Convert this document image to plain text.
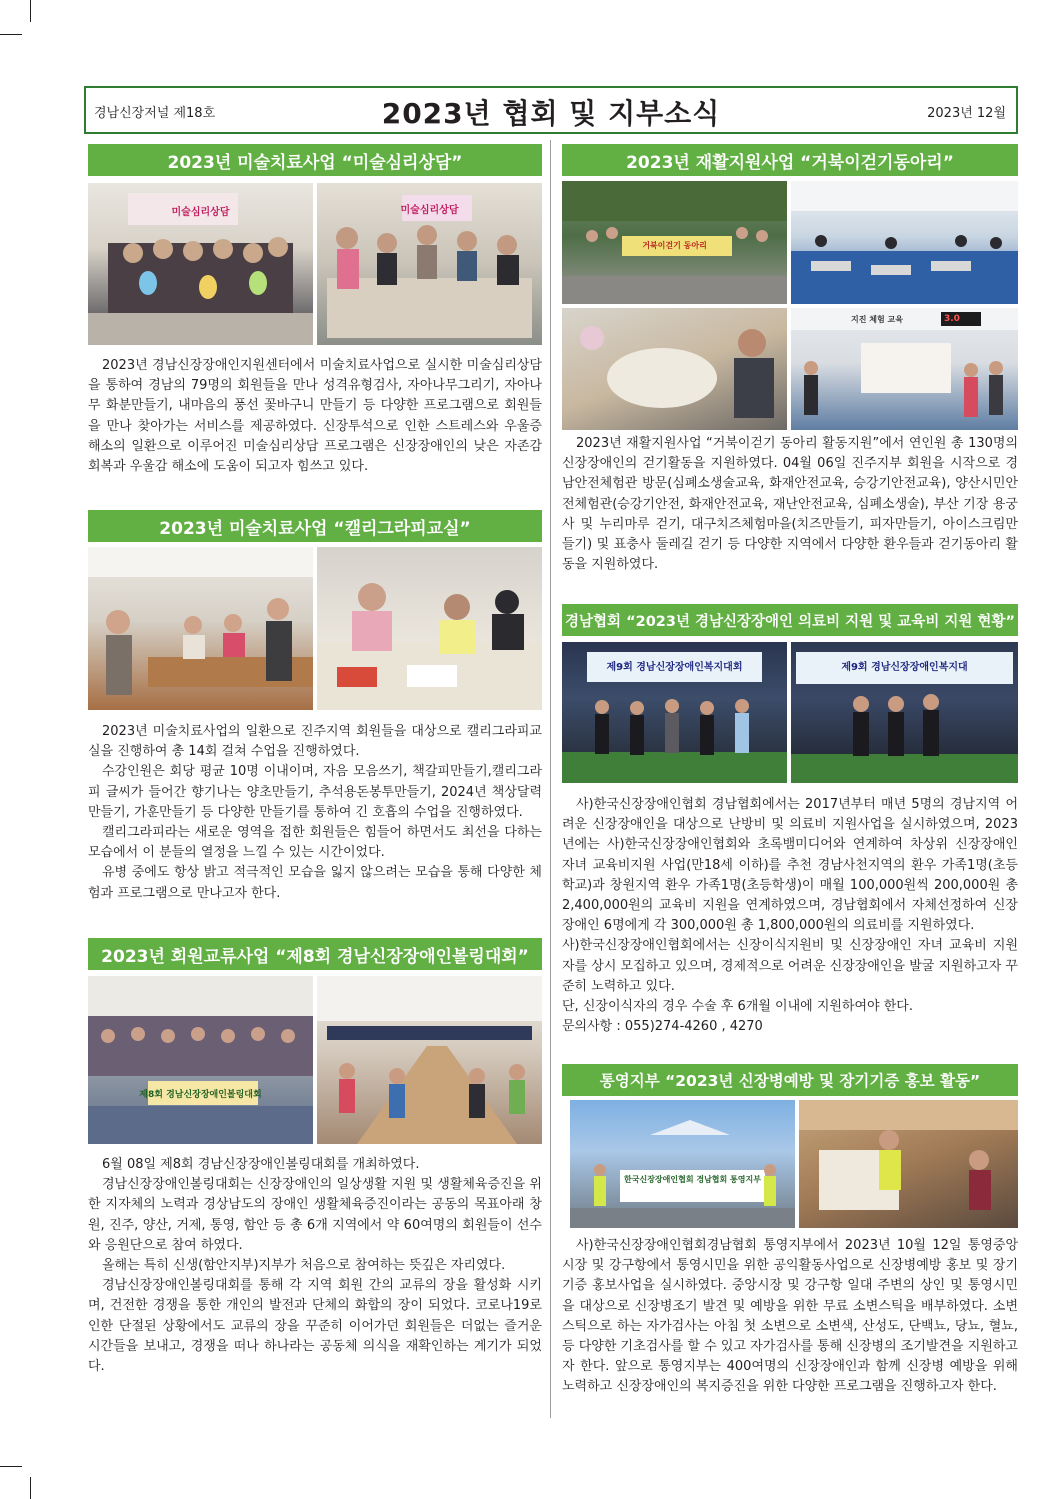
경남신장저널 제18호	2023년 협회 및 지부소식	2023년 12월
2023년 미술치료사업 “미술심리상담”
미술심리상담	미술심리상담

2023년 경남신장장애인지원센터에서 미술치료사업으로 실시한 미술심리상담을 통하여 경남의 79명의 회원들을 만나 성격유형검사, 자아나무그리기, 자아나무 화분만들기, 내마음의 풍선 꽃바구니 만들기 등 다양한 프로그램으로 회원들을 만나 찾아가는 서비스를 제공하였다. 신장투석으로 인한 스트레스와 우울증 해소의 일환으로 이루어진 미술심리상담 프로그램은 신장장애인의 낮은 자존감 회복과 우울감 해소에 도움이 되고자 힘쓰고 있다.

2023년 미술치료사업 “캘리그라피교실”

2023년 미술치료사업의 일환으로 진주지역 회원들을 대상으로 캘리그라피교실을 진행하여 총 14회 걸쳐 수업을 진행하였다.

수강인원은 회당 평균 10명 이내이며, 자음 모음쓰기, 책갈피만들기,캘리그라피 글씨가 들어간 향기나는 양초만들기, 추석용돈봉투만들기, 2024년 책상달력만들기, 가훈만들기 등 다양한 만들기를 통하여 긴 호흡의 수업을 진행하였다.

캘리그라피라는 새로운 영역을 접한 회원들은 힘들어 하면서도 최선을 다하는 모습에서 이 분들의 열정을 느낄 수 있는 시간이었다.

유병 중에도 항상 밝고 적극적인 모습을 잃지 않으려는 모습을 통해 다양한 체험과 프로그램으로 만나고자 한다.

2023년 회원교류사업 “제8회 경남신장장애인볼링대회”
제8회 경남신장장애인볼링대회

6월 08일 제8회 경남신장장애인볼링대회를 개최하였다.

경남신장장애인볼링대회는 신장장애인의 일상생활 지원 및 생활체육증진을 위한 지자체의 노력과 경상남도의 장애인 생활체육증진이라는 공동의 목표아래 창원, 진주, 양산, 거제, 통영, 함안 등 총 6개 지역에서 약 60여명의 회원들이 선수와 응원단으로 참여 하였다.

올해는 특히 신생(함안지부)지부가 처음으로 참여하는 뜻깊은 자리였다.

경남신장장애인볼링대회를 통해 각 지역 회원 간의 교류의 장을 활성화 시키며, 건전한 경쟁을 통한 개인의 발전과 단체의 화합의 장이 되었다. 코로나19로 인한 단절된 상황에서도 교류의 장을 꾸준히 이어가던 회원들은 더없는 즐거운 시간들을 보내고, 경쟁을 떠나 하나라는 공동체 의식을 재확인하는 계기가 되었다.

2023년 재활지원사업 “거북이걷기동아리”
거북이걷기 동아리
지진 체험 교육	3.0

2023년 재활지원사업 “거북이걷기 동아리 활동지원”에서 연인원 총 130명의 신장장애인의 걷기활동을 지원하였다. 04월 06일 진주지부 회원을 시작으로 경남안전체험관 방문(심폐소생술교육, 화재안전교육, 승강기안전교육), 양산시민안전체험관(승강기안전, 화재안전교육, 재난안전교육, 심폐소생술), 부산 기장 용궁사 및 누리마루 걷기, 대구치즈체험마을(치즈만들기, 피자만들기, 아이스크림만들기) 및 표충사 둘레길 걷기 등 다양한 지역에서 다양한 환우들과 걷기동아리 활동을 지원하였다.

경남협회 “2023년 경남신장장애인 의료비 지원 및 교육비 지원 현황”
제9회 경남신장장애인복지대회	제9회 경남신장장애인복지대

사)한국신장장애인협회 경남협회에서는 2017년부터 매년 5명의 경남지역 어려운 신장장애인을 대상으로 난방비 및 의료비 지원사업을 실시하였으며, 2023년에는 사)한국신장장애인협회와 초록뱀미디어와 연계하여 차상위 신장장애인 자녀 교육비지원 사업(만18세 이하)를 추천 경남사천지역의 환우 가족1명(초등학교)과 창원지역 환우 가족1명(초등학생)이 매월 100,000원씩 200,000원 총 2,400,000원의 교육비 지원을 연계하였으며, 경남협회에서 자체선정하여 신장장애인 6명에게 각 300,000원 총 1,800,000원의 의료비를 지원하였다.

사)한국신장장애인협회에서는 신장이식지원비 및 신장장애인 자녀 교육비 지원자를 상시 모집하고 있으며, 경제적으로 어려운 신장장애인을 발굴 지원하고자 꾸준히 노력하고 있다.

단, 신장이식자의 경우 수술 후 6개월 이내에 지원하여야 한다.

문의사항 : 055)274-4260 , 4270

통영지부 “2023년 신장병예방 및 장기기증 홍보 활동”
한국신장장애인협회 경남협회 통영지부

사)한국신장장애인협회경남협회 통영지부에서 2023년 10월 12일 통영중앙시장 및 강구항에서 통영시민을 위한 공익활동사업으로 신장병예방 홍보 및 장기기증 홍보사업을 실시하였다. 중앙시장 및 강구항 일대 주변의 상인 및 통영시민을 대상으로 신장병조기 발견 및 예방을 위한 무료 소변스틱을 배부하였다. 소변스틱으로 하는 자가검사는 아침 첫 소변으로 소변색, 산성도, 단백뇨, 당뇨, 혈뇨, 등 다양한 기초검사를 할 수 있고 자가검사를 통해 신장병의 조기발견을 지원하고자 한다. 앞으로 통영지부는 400여명의 신장장애인과 함께 신장병 예방을 위해 노력하고 신장장애인의 복지증진을 위한 다양한 프로그램을 진행하고자 한다.
